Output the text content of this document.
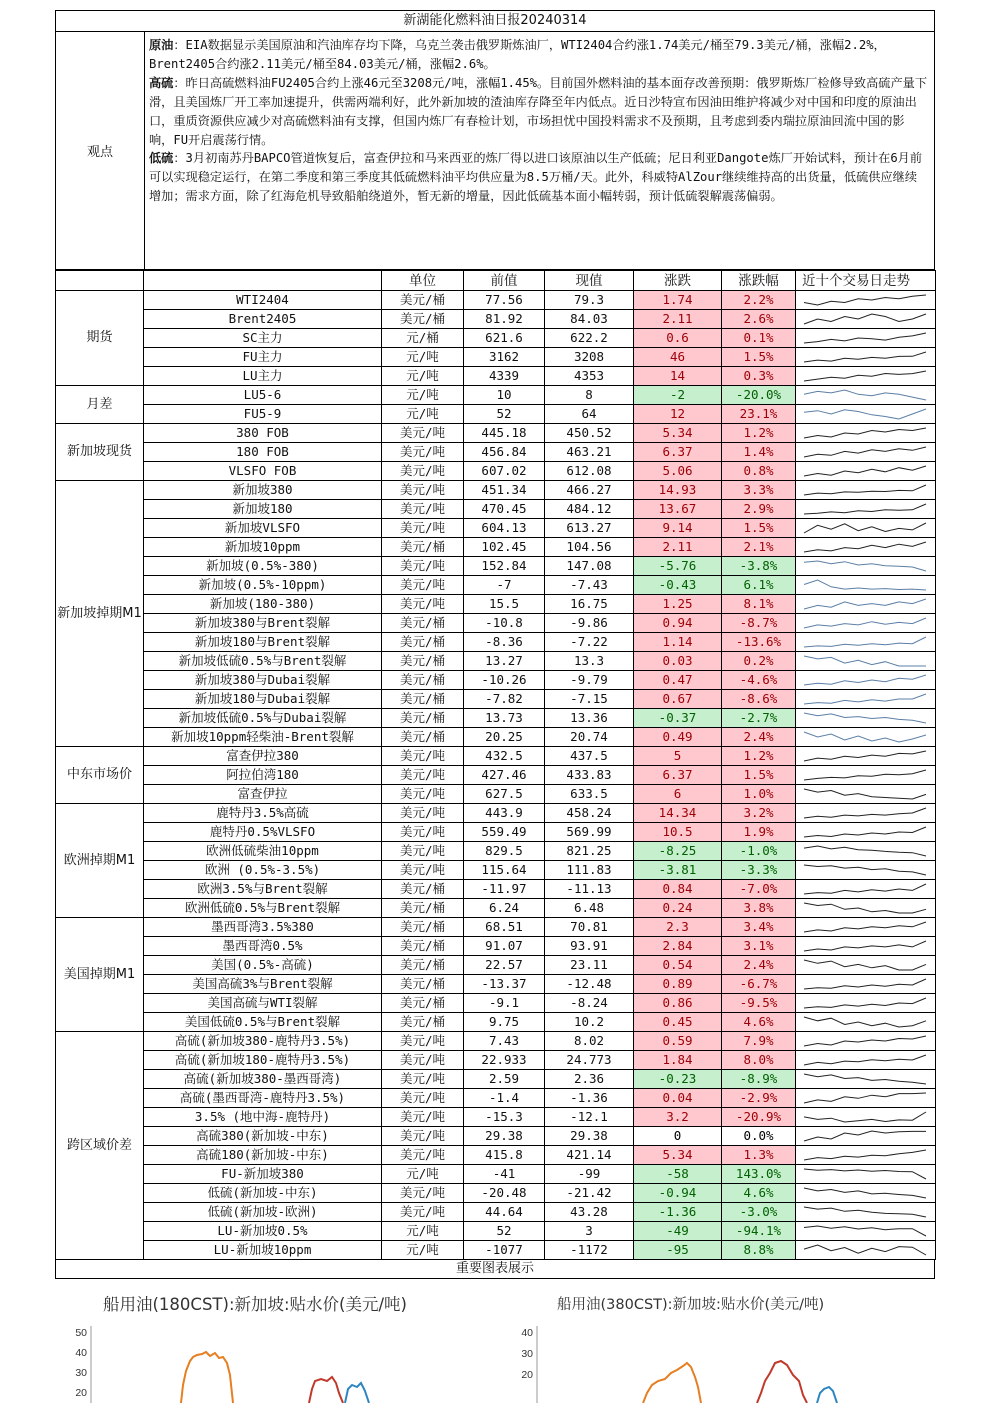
新湖能化燃料油日报20240314
观点

原油：EIA数据显示美国原油和汽油库存均下降，乌克兰袭击俄罗斯炼油厂，WTI2404合约涨1.74美元/桶至79.3美元/桶，涨幅2.2%，Brent2405合约涨2.11美元/桶至84.03美元/桶，涨幅2.6%。

高硫：昨日高硫燃料油FU2405合约上涨46元至3208元/吨，涨幅1.45%。目前国外燃料油的基本面存改善预期：俄罗斯炼厂检修导致高硫产量下滑，且美国炼厂开工率加速提升，供需两端利好，此外新加坡的渣油库存降至年内低点。近日沙特宣布因油田维护将减少对中国和印度的原油出口，重质资源供应减少对高硫燃料油有支撑，但国内炼厂有春检计划，市场担忧中国投料需求不及预期，且考虑到委内瑞拉原油回流中国的影响，FU开启震荡行情。

低硫：3月初南苏丹BAPCO管道恢复后，富查伊拉和马来西亚的炼厂得以进口该原油以生产低硫；尼日利亚Dangote炼厂开始试料，预计在6月前可以实现稳定运行，在第二季度和第三季度其低硫燃料油平均供应量为8.5万桶/天。此外，科威特AlZour继续维持高的出货量，低硫供应继续增加；需求方面，除了红海危机导致船舶绕道外，暂无新的增量，因此低硫基本面小幅转弱，预计低硫裂解震荡偏弱。

		单位	前值	现值	涨跌	涨跌幅	近十个交易日走势
期货	WTI2404	美元/桶	77.56	79.3	1.74	2.2%	

	Brent2405	美元/桶	81.92	84.03	2.11	2.6%	

	SC主力	元/桶	621.6	622.2	0.6	0.1%	

	FU主力	元/吨	3162	3208	46	1.5%	

	LU主力	元/吨	4339	4353	14	0.3%	

月差	LU5-6	元/吨	10	8	-2	-20.0%	

	FU5-9	元/吨	52	64	12	23.1%	

新加坡现货	380 FOB	美元/吨	445.18	450.52	5.34	1.2%	

	180 FOB	美元/吨	456.84	463.21	6.37	1.4%	

	VLSFO FOB	美元/吨	607.02	612.08	5.06	0.8%	

新加坡掉期M1	新加坡380	美元/吨	451.34	466.27	14.93	3.3%	

	新加坡180	美元/吨	470.45	484.12	13.67	2.9%	

	新加坡VLSFO	美元/吨	604.13	613.27	9.14	1.5%	

	新加坡10ppm	美元/桶	102.45	104.56	2.11	2.1%	

	新加坡(0.5%-380)	美元/吨	152.84	147.08	-5.76	-3.8%	

	新加坡(0.5%-10ppm)	美元/吨	-7	-7.43	-0.43	6.1%	

	新加坡(180-380)	美元/吨	15.5	16.75	1.25	8.1%	

	新加坡380与Brent裂解	美元/桶	-10.8	-9.86	0.94	-8.7%	

	新加坡180与Brent裂解	美元/桶	-8.36	-7.22	1.14	-13.6%	

	新加坡低硫0.5%与Brent裂解	美元/桶	13.27	13.3	0.03	0.2%	

	新加坡380与Dubai裂解	美元/桶	-10.26	-9.79	0.47	-4.6%	

	新加坡180与Dubai裂解	美元/桶	-7.82	-7.15	0.67	-8.6%	

	新加坡低硫0.5%与Dubai裂解	美元/桶	13.73	13.36	-0.37	-2.7%	

	新加坡10ppm轻柴油-Brent裂解	美元/桶	20.25	20.74	0.49	2.4%	

中东市场价	富查伊拉380	美元/吨	432.5	437.5	5	1.2%	

	阿拉伯湾180	美元/吨	427.46	433.83	6.37	1.5%	

	富查伊拉	美元/吨	627.5	633.5	6	1.0%	

欧洲掉期M1	鹿特丹3.5%高硫	美元/吨	443.9	458.24	14.34	3.2%	

	鹿特丹0.5%VLSFO	美元/吨	559.49	569.99	10.5	1.9%	

	欧洲低硫柴油10ppm	美元/吨	829.5	821.25	-8.25	-1.0%	

	欧洲 (0.5%-3.5%)	美元/吨	115.64	111.83	-3.81	-3.3%	

	欧洲3.5%与Brent裂解	美元/桶	-11.97	-11.13	0.84	-7.0%	

	欧洲低硫0.5%与Brent裂解	美元/桶	6.24	6.48	0.24	3.8%	

美国掉期M1	墨西哥湾3.5%380	美元/桶	68.51	70.81	2.3	3.4%	

	墨西哥湾0.5%	美元/桶	91.07	93.91	2.84	3.1%	

	美国(0.5%-高硫)	美元/桶	22.57	23.11	0.54	2.4%	

	美国高硫3%与Brent裂解	美元/桶	-13.37	-12.48	0.89	-6.7%	

	美国高硫与WTI裂解	美元/桶	-9.1	-8.24	0.86	-9.5%	

	美国低硫0.5%与Brent裂解	美元/桶	9.75	10.2	0.45	4.6%	

跨区域价差	高硫(新加坡380-鹿特丹3.5%)	美元/吨	7.43	8.02	0.59	7.9%	

	高硫(新加坡180-鹿特丹3.5%)	美元/吨	22.933	24.773	1.84	8.0%	

	高硫(新加坡380-墨西哥湾)	美元/吨	2.59	2.36	-0.23	-8.9%	

	高硫(墨西哥湾-鹿特丹3.5%)	美元/吨	-1.4	-1.36	0.04	-2.9%	

	3.5% (地中海-鹿特丹)	美元/吨	-15.3	-12.1	3.2	-20.9%	

	高硫380(新加坡-中东)	美元/吨	29.38	29.38	0	0.0%	

	高硫180(新加坡-中东)	美元/吨	415.8	421.14	5.34	1.3%	

	FU-新加坡380	元/吨	-41	-99	-58	143.0%	

	低硫(新加坡-中东)	美元/吨	-20.48	-21.42	-0.94	4.6%	

	低硫(新加坡-欧洲)	美元/吨	44.64	43.28	-1.36	-3.0%	

	LU-新加坡0.5%	元/吨	52	3	-49	-94.1%	

	LU-新加坡10ppm	元/吨	-1077	-1172	-95	8.8%	
重要图表展示
船用油(180CST):新加坡:贴水价(美元/吨)
50
40
30
20
船用油(380CST):新加坡:贴水价(美元/吨)
40
30
20
